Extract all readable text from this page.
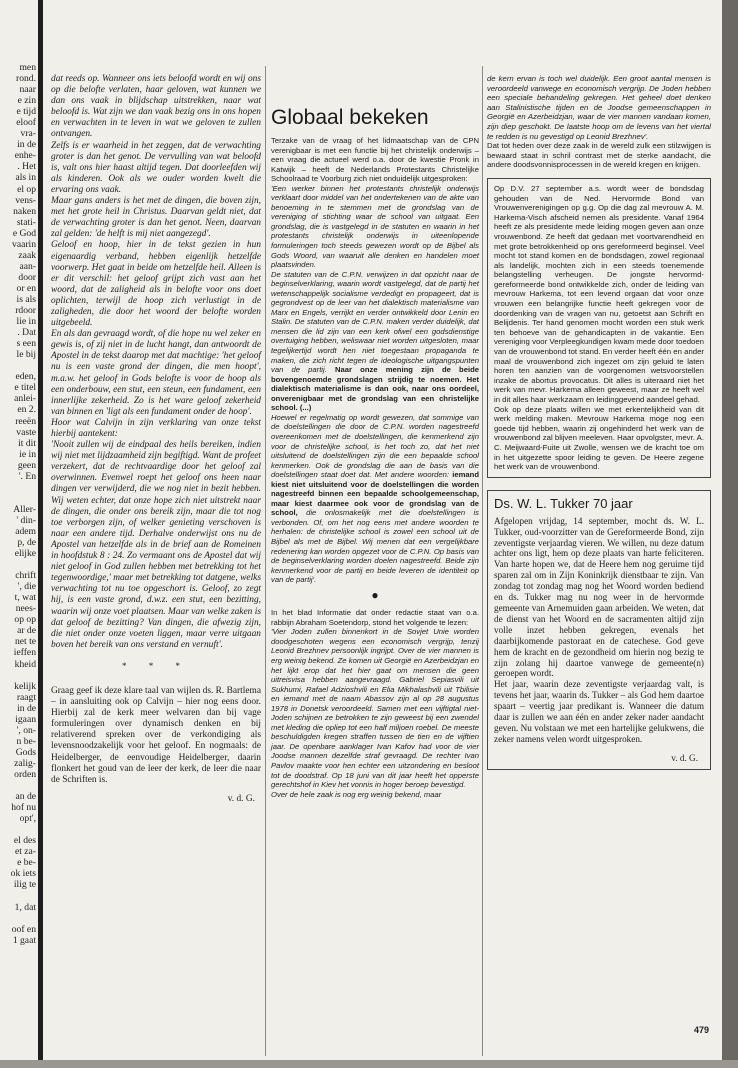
men
rond.
naar
e zin
e tijd
eloof
vra-
in de
enhe-
. Het
als in
el op
vens-
naken
stati-
e God
vaarin
zaak
aan-
door
or en
is als
rdoor
lie in
. Dat
s een
le bij

eden,
e titel
anlei-
en 2.
reeën
vaste
it dit
ie in
geen
'. En

Aller-
' din-
adem
p, de
elijke

chrift
', die
t, wat
nees-
op op
ar de
net te
ieffen
kheid

kelijk
raagt
in de
igaan
', on-
n be-
Gods
zalig-
orden

an de
hof nu
opt',

el des
et za-
e be-
ok iets
ilig te

1, dat

oof en
1 gaat

dat reeds op. Wanneer ons iets beloofd wordt en wij ons op die belofte verlaten, haar geloven, wat kunnen we dan ons vaak in blijdschap uitstrekken, naar wat beloofd is. Wat zijn we dan vaak bezig ons in ons hopen en verwachten in te leven in wat we geloven te zullen ontvangen.

Zelfs is er waarheid in het zeggen, dat de verwachting groter is dan het genot. De vervulling van wat beloofd is, valt ons hier haast altijd tegen. Dat doorleefden wij als kinderen. Ook als we ouder worden kwelt die ervaring ons vaak.

Maar gans anders is het met de dingen, die boven zijn, met het grote heil in Christus. Daarvan geldt niet, dat de verwachting groter is dan het genot. Neen, daarvan zal gelden: 'de helft is mij niet aangezegd'.

Geloof en hoop, hier in de tekst gezien in hun eigenaardig verband, hebben eigenlijk hetzelfde voorwerp. Het gaat in beide om hetzelfde heil. Alleen is er dit verschil: het geloof grijpt zich vast aan het woord, dat de zaligheid als in belofte voor ons doet oplichten, terwijl de hoop zich verlustigt in de zaligheden, die door het woord der belofte worden uitgebeeld.

En als dan gevraagd wordt, of die hope nu wel zeker en gewis is, of zij niet in de lucht hangt, dan antwoordt de Apostel in de tekst daarop met dat machtige: 'het geloof nu is een vaste grond der dingen, die men hoopt', m.a.w. het geloof in Gods belofte is voor de hoop als een onderbouw, een stut, een steun, een fundament, een innerlijke zekerheid. Zo is het ware geloof zekerheid van binnen en 'ligt als een fundament onder de hoop'.

Hoor wat Calvijn in zijn verklaring van onze tekst hierbij aantekent:

'Nooit zullen wij de eindpaal des heils bereiken, indien wij niet met lijdzaamheid zijn begiftigd. Want de profeet verzekert, dat de rechtvaardige door het geloof zal overwinnen. Evenwel roept het geloof ons heen naar dingen ver verwijderd, die we nog niet in bezit hebben. Wij weten echter, dat onze hope zich niet uitstrekt naar de dingen, die onder ons bereik zijn, maar die tot nog toe verborgen zijn, of welker genieting verschoven is naar een andere tijd. Derhalve onderwijst ons nu de Apostel van hetzelfde als in de brief aan de Romeinen in hoofdstuk 8 : 24. Zo vermaant ons de Apostel dat wij niet geloof in God zullen hebben met betrekking tot het tegenwoordige,' maar met betrekking tot datgene, welks verwachting tot nu toe opgeschort is. Geloof, zo zegt hij, is een vaste grond, d.w.z. een stut, een bezitting, waarin wij onze voet plaatsen. Maar van welke zaken is dat geloof de bezitting? Van dingen, die afwezig zijn, die niet onder onze voeten liggen, maar verre uitgaan boven het bereik van ons verstand en vernuft'.

* * *

Graag geef ik deze klare taal van wijlen ds. R. Bartlema – in aansluiting ook op Calvijn – hier nog eens door. Hierbij zal de kerk meer welvaren dan bij vage formuleringen over dynamisch denken en bij relativerend spreken over de verkondiging als levensnoodzakelijk voor het geloof. En nogmaals: de Heidelberger, de eenvoudige Heidelberger, daarin flonkert het goud van de leer der kerk, de leer die naar de Schriften is.

v. d. G.
Globaal bekeken

Terzake van de vraag of het lidmaatschap van de CPN verenigbaar is met een functie bij het christelijk onderwijs – een vraag die actueel werd o.a. door de kwestie Pronk in Katwijk – heeft de Nederlands Protestants Christelijke Schoolraad te Voorburg zich niet onduidelijk uitgesproken:

'Een werker binnen het protestants christelijk onderwijs verklaart door middel van het ondertekenen van de akte van benoeming in te stemmen met de grondslag van de vereniging of stichting waar de school van uitgaat. Een grondslag, die is vastgelegd in de statuten en waarin in het protestants christelijk onderwijs in uiteenlopende formuleringen toch steeds gewezen wordt op de Bijbel als Gods Woord, van waaruit alle denken en handelen moet plaatsvinden.

De statuten van de C.P.N. verwijzen in dat opzicht naar de beginselverklaring, waarin wordt vastgelegd, dat de partij het wetenschappelijk socialisme verdedigt en propageert, dat is gegrondvest op de leer van het dialektisch materialisme van Marx en Engels, verrijkt en verder ontwikkeld door Lenin en Stalin. De statuten van de C.P.N. maken verder duidelijk, dat mensen die lid zijn van een kerk ofwel een godsdienstige overtuiging hebben, weliswaar niet worden uitgesloten, maar tegelijkertijd wordt hen niet toegestaan propaganda te maken, die zich richt tegen de ideologische uitgangspunten van de partij. Naar onze mening zijn de beide bovengenoemde grondslagen strijdig te noemen. Het dialektisch materialisme is dan ook, naar ons oordeel, onverenigbaar met de grondslag van een christelijke school. (...)

Hoewel er regelmatig op wordt gewezen, dat sommige van de doelstellingen die door de C.P.N. worden nagestreefd overeenkomen met de doelstellingen, die kenmerkend zijn voor de christelijke school, is het toch zo, dat het niet uitsluitend de doelstellingen zijn die een bepaalde school kenmerken. Ook de grondslag die aan de basis van die doelstellingen staat doet dat. Met andere woorden: iemand kiest niet uitsluitend voor de doelstellingen die worden nagestreefd binnen een bepaalde schoolgemeenschap, maar kiest daarmee ook voor de grondslag van de school, die onlosmakelijk met die doelstellingen is verbonden. Of, om het nog eens met andere woorden te herhalen: de christelijke school is zowel een school uit de Bijbel als met de Bijbel. Wij menen dat een vergelijkbare redenering kan worden opgezet voor de C.P.N. Op basis van de beginselverklaring worden doelen nagestreefd. Beide zijn kenmerkend voor de partij en beide leveren de identiteit op van de partij'.

●

In het blad Informatie dat onder redactie staat van o.a. rabbijn Abraham Soetendorp, stond het volgende te lezen:

'Vier Joden zullen binnenkort in de Sovjet Unie worden doodgeschoten wegens een economisch vergrijp, tenzij Leonid Brezhnev persoonlijk ingrijpt. Over de vier mannen is erg weinig bekend. Ze komen uit Georgië en Azerbeidzjan en het lijkt erop dat het hier gaat om mensen die geen uitreisvisa hebben aangevraagd. Gabriel Sepiasvili uit Sukhumi, Rafael Adzioshvili en Elia Mikhalashvili uit Tbilisie en iemand met de naam Abassov zijn al op 28 augustus 1978 in Donetsk veroordeeld. Samen met een vijftigtal niet-Joden schijnen ze betrokken te zijn geweest bij een zwendel met kleding die opliep tot een half miljoen roebel. De meeste beschuldigden kregen straffen tussen de tien en de vijftien jaar. De openbare aanklager Ivan Kafov had voor de vier Joodse mannen dezelfde straf gevraagd. De rechter Ivan Pavlov maakte voor hen echter een uitzondering en besloot tot de doodstraf. Op 18 juni van dit jaar heeft het opperste gerechtshof in Kiev het vonnis in hoger beroep bevestigd.

Over de hele zaak is nog erg weinig bekend, maar

de kern ervan is toch wel duidelijk. Een groot aantal mensen is veroordeeld vanwege en economisch vergrijp. De Joden hebben een speciale behandeling gekregen. Het geheel doet denken aan Stalinistische tijden en de Joodse gemeenschappen in Georgië en Azerbeidzjan, waar de vier mannen vandaan komen, zijn diep geschokt. De laatste hoop om de levens van het viertal te redden is nu gevestigd op Leonid Brezhnev'.

Dat tot heden over deze zaak in de wereld zulk een stilzwijgen is bewaard staat in schril contrast met de sterke aandacht, die andere doodsvonnisprocessen in de wereld kregen en krijgen.

Op D.V. 27 september a.s. wordt weer de bondsdag gehouden van de Ned. Hervormde Bond van Vrouwenverenigingen op g.g. Op die dag zal mevrouw A. M. Harkema-Visch afscheid nemen als presidente. Vanaf 1964 heeft ze als presidente mede leiding mogen geven aan onze vrouwenbond. Ze heeft dat gedaan met voortvarendheid en met grote betrokkenheid op ons gereformeerd beginsel. Veel mocht tot stand komen en de bondsdagen, zowel regionaal als landelijk, mochten zich in een steeds toenemende belangstelling verheugen. De jongste hervormd-gereformeerde bond ontwikkelde zich, onder de leiding van mevrouw Harkema, tot een levend orgaan dat voor onze vrouwen een belangrijke functie heeft gekregen voor de doordenking van de vragen van nu, getoetst aan Schrift en Belijdenis. Ter hand genomen mocht worden een stuk werk ten behoeve van de gehandicapten in de vakantie. Een vereniging voor Verpleegkundigen kwam mede door toedoen van de vrouwenbond tot stand. En verder heeft één en ander maal de vrouwenbond zich ingezet om zijn geluid te laten horen ten aanzien van de voorgenomen wetsvoorstellen inzake de abortus provocatus. Dit alles is uiteraard niet het werk van mevr. Harkema alleen geweest, maar ze heeft wel in dit alles haar werkzaam en leidinggevend aandeel gehad.

Ook op deze plaats willen we met erkentelijkheid van dit werk melding maken. Mevrouw Harkema moge nog een goede tijd hebben, waarin zij ongehinderd het werk van de vrouwenbond zal blijven meeleven. Haar opvolgster, mevr. A. C. Meijwaard-Fuite uit Zwolle, wensen we de kracht toe om in het uitgezette spoor leiding te geven. De Heere zegene het werk van de vrouwenbond.

Ds. W. L. Tukker 70 jaar

Afgelopen vrijdag, 14 september, mocht ds. W. L. Tukker, oud-voorzitter van de Gereformeerde Bond, zijn zeventigste verjaardag vieren. We willen, nu deze datum achter ons ligt, hem op deze plaats van harte feliciteren. Van harte hopen we, dat de Heere hem nog geruime tijd sparen zal om in Zijn Koninkrijk dienstbaar te zijn. Van zondag tot zondag mag nog het Woord worden bediend en ds. Tukker mag nu nog weer in de hervormde gemeente van Arnemuiden gaan arbeiden. We weten, dat de dienst van het Woord en de sacramenten altijd zijn volle inzet hebben gekregen, evenals het daarbijkomende pastoraat en de catechese. God geve hem de kracht en de gezondheid om hierin nog bezig te zijn zolang hij daartoe vanwege de gemeente(n) geroepen wordt.

Het jaar, waarin deze zeventigste verjaardag valt, is tevens het jaar, waarin ds. Tukker – als God hem daartoe spaart – veertig jaar predikant is. Wanneer die datum daar is zullen we aan één en ander zeker nader aandacht geven. Nu volstaan we met een hartelijke gelukwens, die zeker namens velen wordt uitgesproken.

v. d. G.
479
